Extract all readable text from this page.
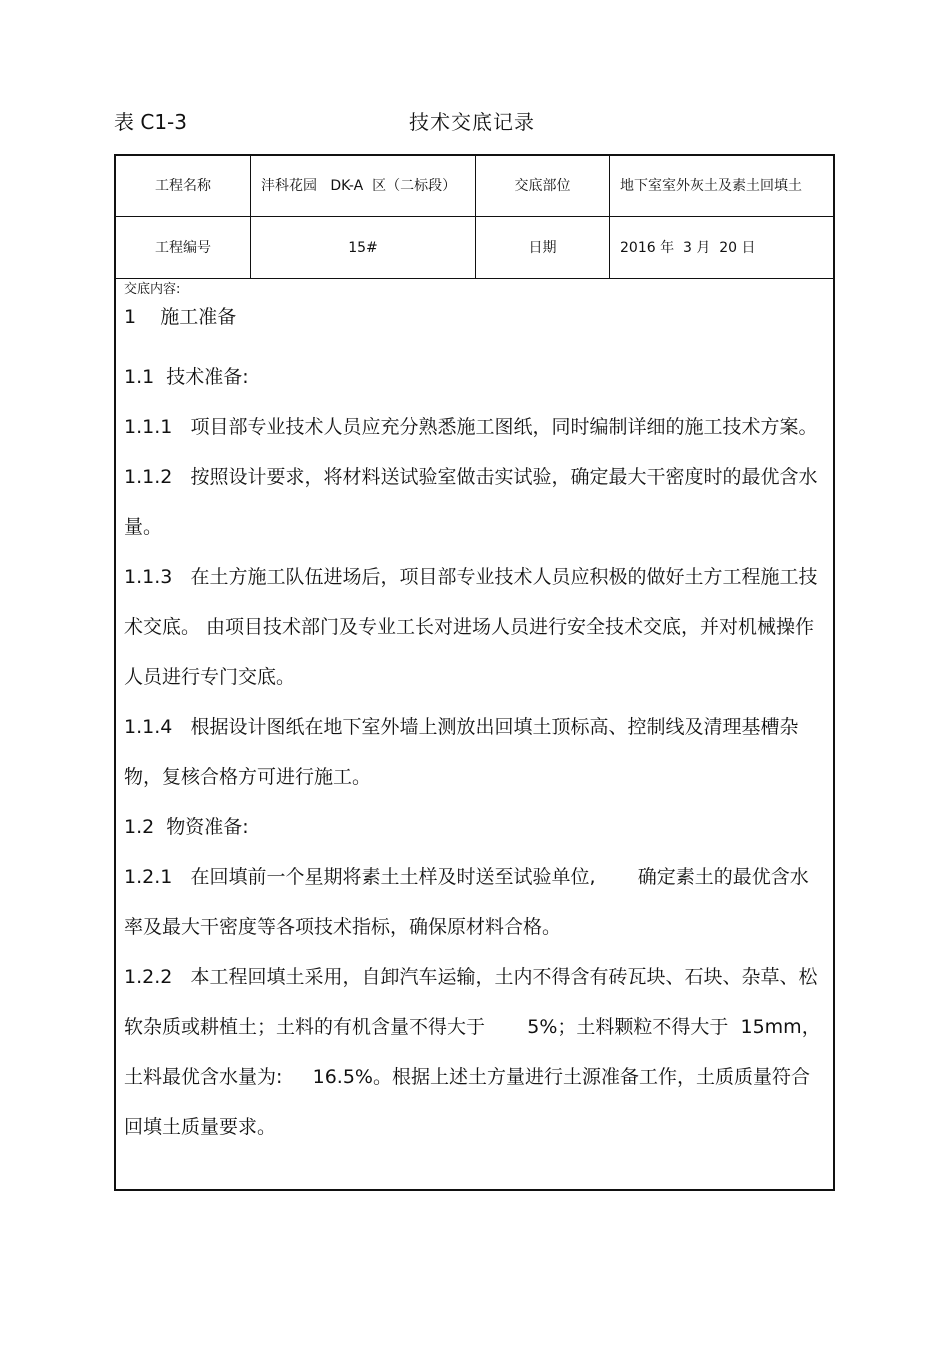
表 C1-3	技术交底记录
工程名称	沣科花园   DK-A  区（二标段）	交底部位	地下室室外灰土及素土回填土
工程编号	15#	日期	2016 年  3 月  20 日
交底内容:
1    施工准备

1.1  技术准备:

1.1.1   项目部专业技术人员应充分熟悉施工图纸，同时编制详细的施工技术方案。

1.1.2   按照设计要求，将材料送试验室做击实试验，确定最大干密度时的最优含水量。

1.1.3   在土方施工队伍进场后，项目部专业技术人员应积极的做好土方工程施工技术交底。 由项目技术部门及专业工长对进场人员进行安全技术交底，并对机械操作人员进行专门交底。

1.1.4   根据设计图纸在地下室外墙上测放出回填土顶标高、控制线及清理基槽杂物，复核合格方可进行施工。

1.2  物资准备:

1.2.1   在回填前一个星期将素土土样及时送至试验单位,       确定素土的最优含水率及最大干密度等各项技术指标，确保原材料合格。

1.2.2   本工程回填土采用，自卸汽车运输，土内不得含有砖瓦块、石块、杂草、松软杂质或耕植土；土料的有机含量不得大于       5%；土料颗粒不得大于  15mm，土料最优含水量为:     16.5%。根据上述土方量进行土源准备工作，土质质量符合回填土质量要求。
